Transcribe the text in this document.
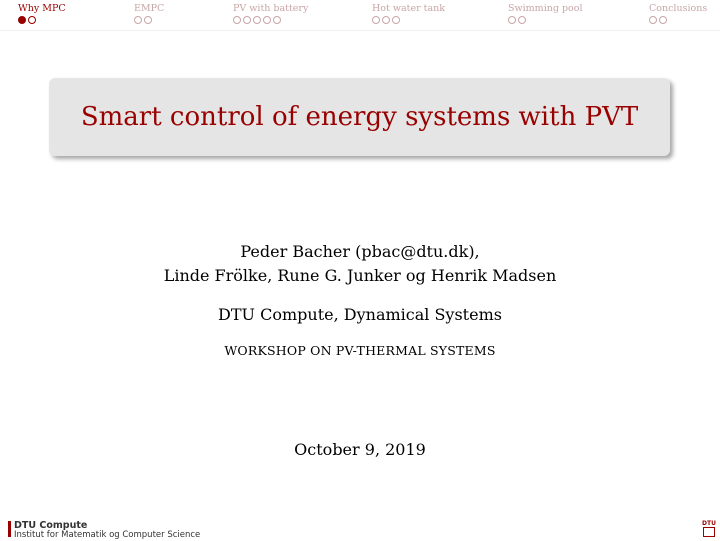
Why MPC	EMPC	PV with battery	Hot water tank	Swimming pool	Conclusions
Smart control of energy systems with PVT
Peder Bacher (pbac@dtu.dk),
Linde Frölke, Rune G. Junker og Henrik Madsen
DTU Compute, Dynamical Systems
WORKSHOP ON PV-THERMAL SYSTEMS
October 9, 2019
DTU Compute
Institut for Matematik og Computer Science
DTU
